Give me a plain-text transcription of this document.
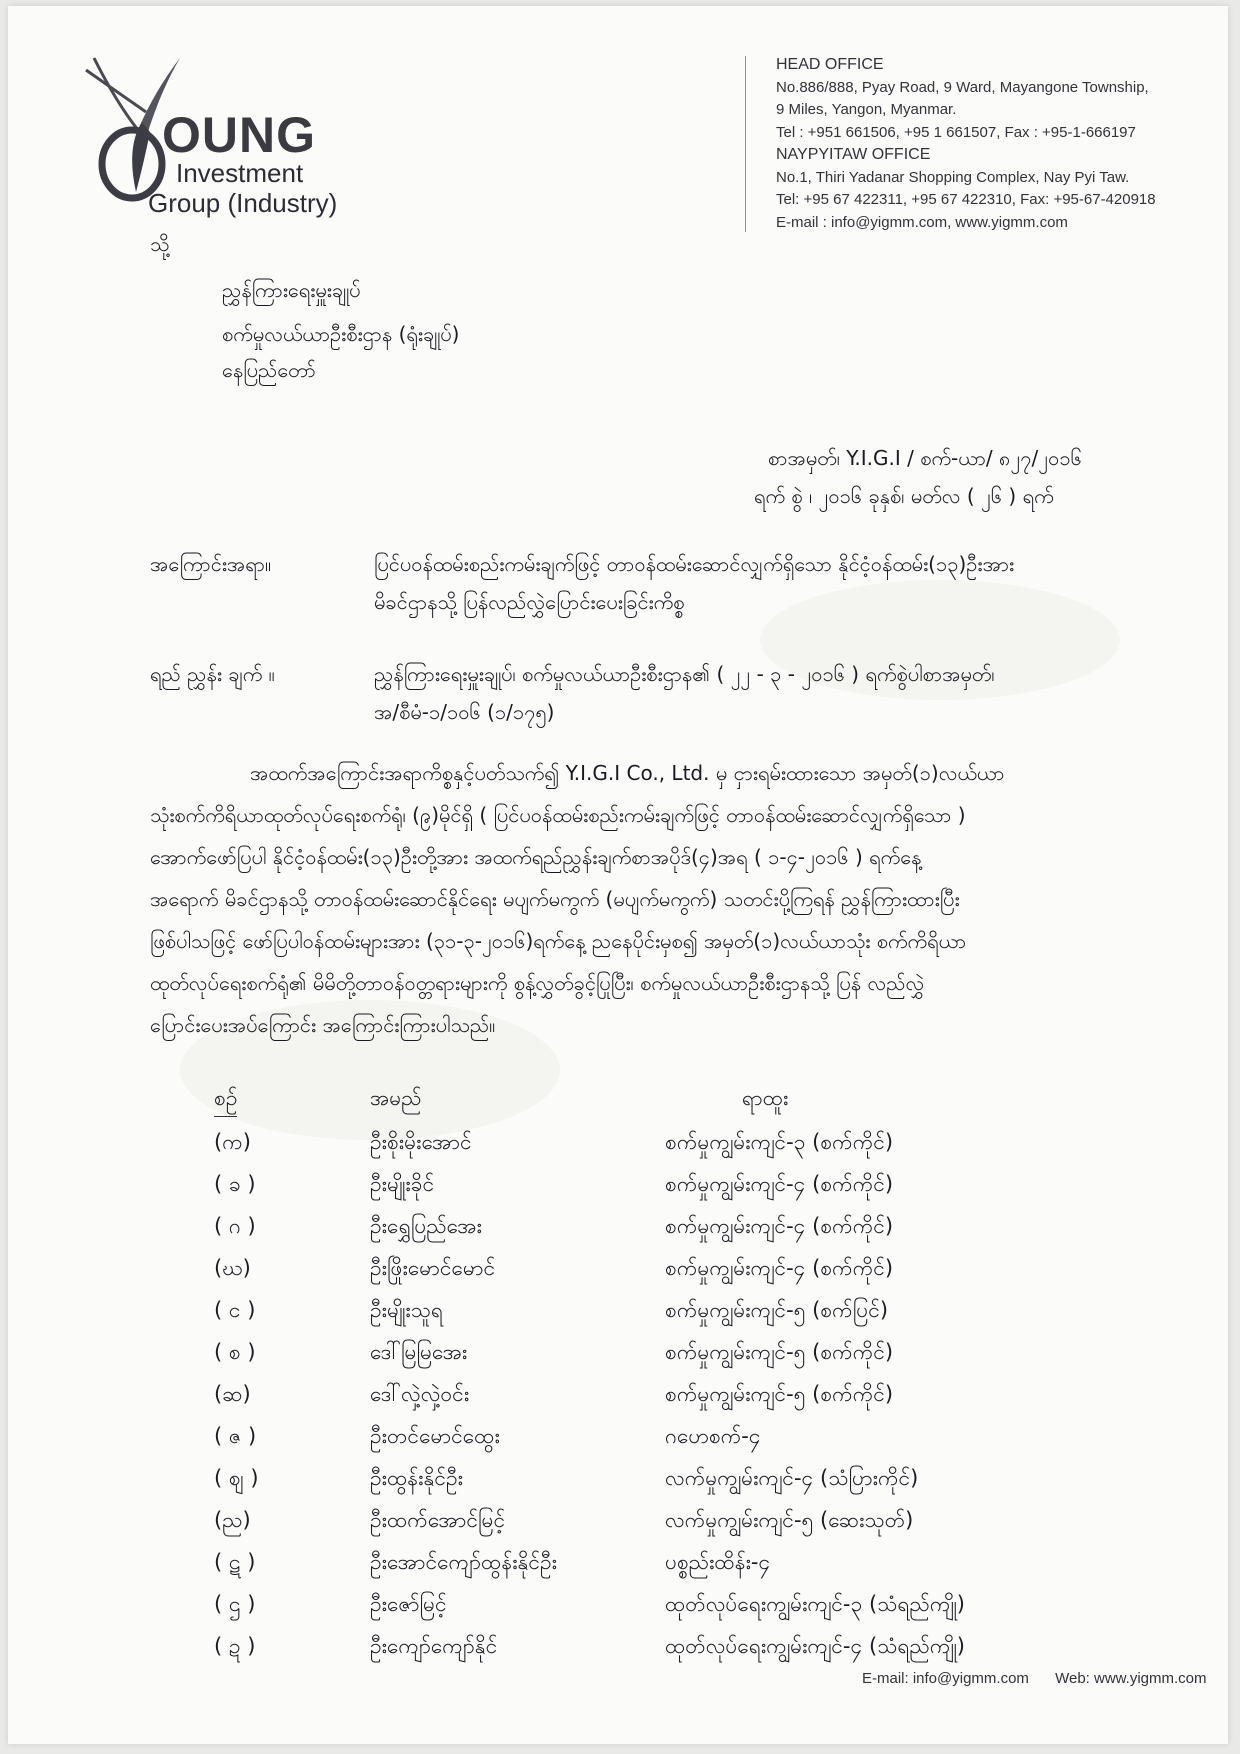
OUNG
Investment
Group (Industry)
HEAD OFFICE
No.886/888, Pyay Road, 9 Ward, Mayangone Township,
9 Miles, Yangon, Myanmar.
Tel : +951 661506, +95 1 661507, Fax : +95-1-666197
NAYPYITAW OFFICE
No.1, Thiri Yadanar Shopping Complex, Nay Pyi Taw.
Tel: +95 67 422311, +95 67 422310, Fax: +95-67-420918
E-mail : info@yigmm.com, www.yigmm.com
သို့
ညွှန်ကြားရေးမှူးချုပ်
စက်မှုလယ်ယာဦးစီးဌာန (ရုံးချုပ်)
နေပြည်တော်
စာအမှတ်၊ Y.I.G.I / စက်-ယာ/ ၈၂၇/၂၀၁၆
ရက် စွဲ ၊ ၂၀၁၆ ခုနှစ်၊ မတ်လ ( ၂၆ ) ရက်
အကြောင်းအရာ။	ပြင်ပဝန်ထမ်းစည်းကမ်းချက်ဖြင့် တာဝန်ထမ်းဆောင်လျှက်ရှိသော နိုင်ငံ့ဝန်ထမ်း(၁၃)ဦးအား
မိခင်ဌာနသို့ ပြန်လည်လွှဲပြောင်းပေးခြင်းကိစ္စ
ရည် ညွှန်း ချက် ။	ညွှန်ကြားရေးမှူးချုပ်၊ စက်မှုလယ်ယာဦးစီးဌာန၏ ( ၂၂ - ၃ - ၂၀၁၆ ) ရက်စွဲပါစာအမှတ်၊
အ/စီမံ-၁/၁၀၆ (၁/၁၇၅)
အထက်အကြောင်းအရာကိစ္စနှင့်ပတ်သက်၍ Y.I.G.I Co., Ltd. မှ ငှားရမ်းထားသော အမှတ်(၁)လယ်ယာ
သုံးစက်ကိရိယာထုတ်လုပ်ရေးစက်ရုံ၊ (၉)မိုင်ရှိ ( ပြင်ပဝန်ထမ်းစည်းကမ်းချက်ဖြင့် တာဝန်ထမ်းဆောင်လျှက်ရှိသော )
အောက်ဖော်ပြပါ နိုင်ငံ့ဝန်ထမ်း(၁၃)ဦးတို့အား အထက်ရည်ညွှန်းချက်စာအပိုဒ်(၄)အရ ( ၁-၄-၂၀၁၆ ) ရက်နေ့
အရောက် မိခင်ဌာနသို့ တာဝန်ထမ်းဆောင်နိုင်ရေး မပျက်မကွက် (မပျက်မကွက်) သတင်းပို့ကြရန် ညွှန်ကြားထားပြီး
ဖြစ်ပါသဖြင့် ဖော်ပြပါဝန်ထမ်းများအား (၃၁-၃-၂၀၁၆)ရက်နေ့ ညနေပိုင်းမှစ၍ အမှတ်(၁)လယ်ယာသုံး စက်ကိရိယာ
ထုတ်လုပ်ရေးစက်ရုံ၏ မိမိတို့တာဝန်ဝတ္တရားများကို စွန့်လွှတ်ခွင့်ပြုပြီး၊ စက်မှုလယ်ယာဦးစီးဌာနသို့ ပြန် လည်လွှဲ
ပြောင်းပေးအပ်ကြောင်း အကြောင်းကြားပါသည်။
စဉ်	အမည်	ရာထူး
(က)	ဦးစိုးမိုးအောင်	စက်မှုကျွမ်းကျင်-၃ (စက်ကိုင်)
( ခ )	ဦးမျိုးခိုင်	စက်မှုကျွမ်းကျင်-၄ (စက်ကိုင်)
( ဂ )	ဦးရွှေပြည်အေး	စက်မှုကျွမ်းကျင်-၄ (စက်ကိုင်)
(ဃ)	ဦးဖြိုးမောင်မောင်	စက်မှုကျွမ်းကျင်-၄ (စက်ကိုင်)
( င )	ဦးမျိုးသူရ	စက်မှုကျွမ်းကျင်-၅ (စက်ပြင်)
( စ )	ဒေါ်မြမြအေး	စက်မှုကျွမ်းကျင်-၅ (စက်ကိုင်)
(ဆ)	ဒေါ်လှဲ့လှဲ့ဝင်း	စက်မှုကျွမ်းကျင်-၅ (စက်ကိုင်)
( ဇ )	ဦးတင်မောင်ထွေး	ဂဟေစက်-၄
( ဈ )	ဦးထွန်းနိုင်ဦး	လက်မှုကျွမ်းကျင်-၄ (သံပြားကိုင်)
(ည)	ဦးထက်အောင်မြင့်	လက်မှုကျွမ်းကျင်-၅ (ဆေးသုတ်)
( ဋ )	ဦးအောင်ကျော်ထွန်းနိုင်ဦး	ပစ္စည်းထိန်း-၄
( ဌ )	ဦးဇော်မြင့်	ထုတ်လုပ်ရေးကျွမ်းကျင်-၃ (သံရည်ကျို)
( ဍ )	ဦးကျော်ကျော်နိုင်	ထုတ်လုပ်ရေးကျွမ်းကျင်-၄ (သံရည်ကျို)
E-mail: info@yigmm.com Web: www.yigmm.com
